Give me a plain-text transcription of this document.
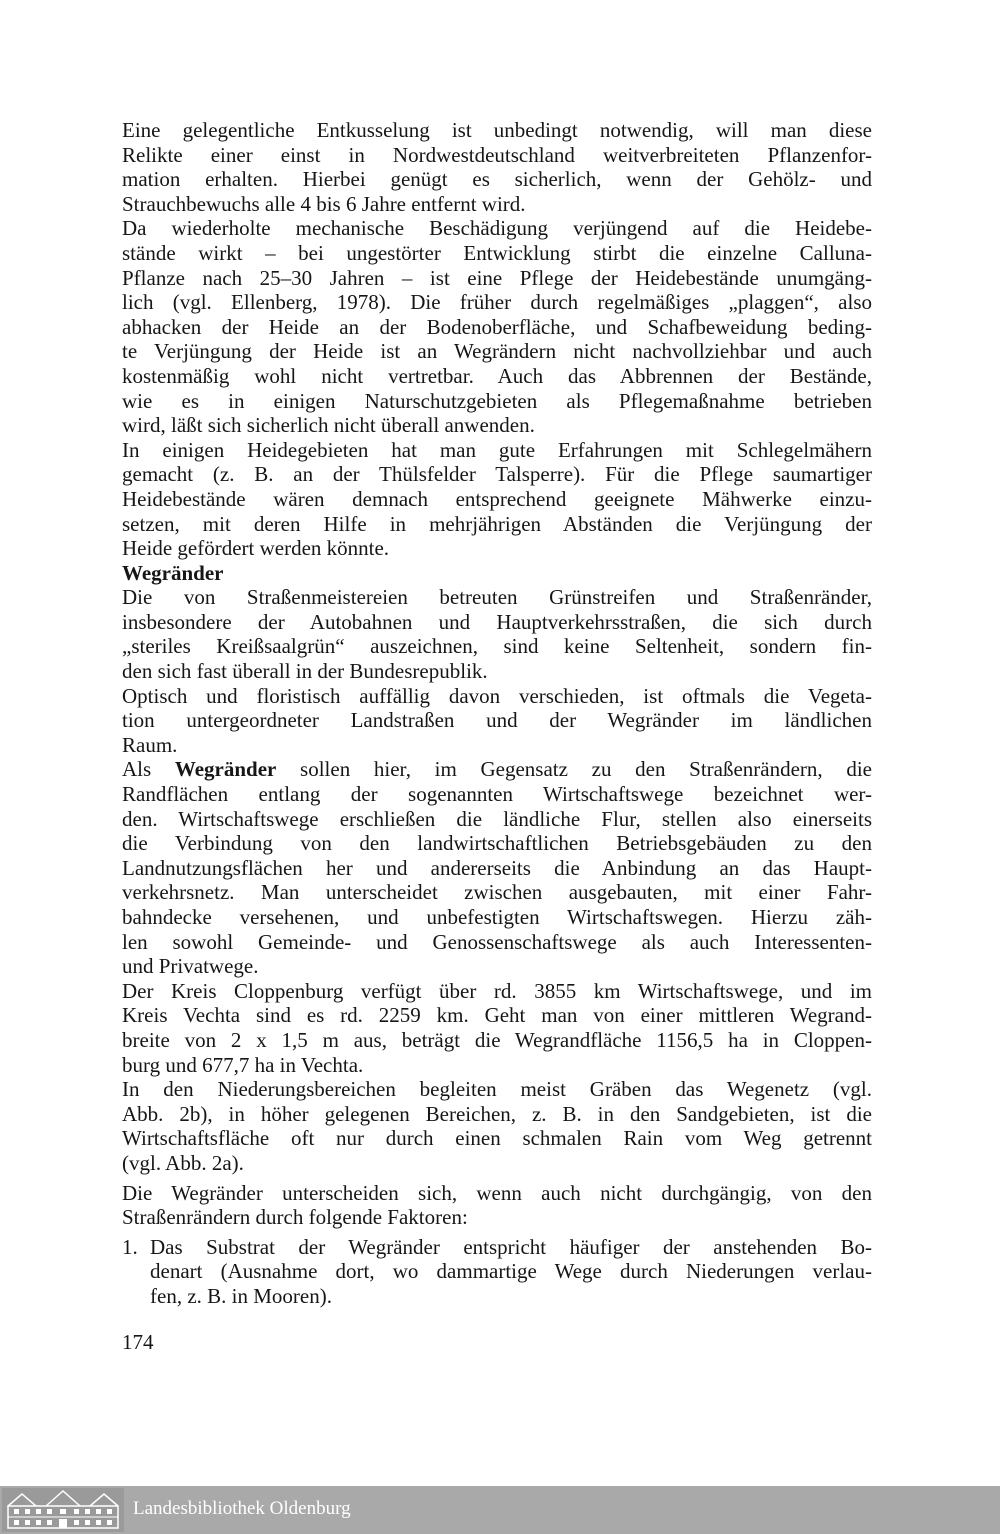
Eine gelegentliche Entkusselung ist unbedingt notwendig, will man diese
Relikte einer einst in Nordwestdeutschland weitverbreiteten Pflanzenfor-
mation erhalten. Hierbei genügt es sicherlich, wenn der Gehölz- und
Strauchbewuchs alle 4 bis 6 Jahre entfernt wird.

Da wiederholte mechanische Beschädigung verjüngend auf die Heidebe-
stände wirkt – bei ungestörter Entwicklung stirbt die einzelne Calluna-
Pflanze nach 25–30 Jahren – ist eine Pflege der Heidebestände unumgäng-
lich (vgl. Ellenberg, 1978). Die früher durch regelmäßiges „plaggen“, also
abhacken der Heide an der Bodenoberfläche, und Schafbeweidung beding-
te Verjüngung der Heide ist an Wegrändern nicht nachvollziehbar und auch
kostenmäßig wohl nicht vertretbar. Auch das Abbrennen der Bestände,
wie es in einigen Naturschutzgebieten als Pflegemaßnahme betrieben
wird, läßt sich sicherlich nicht überall anwenden.

In einigen Heidegebieten hat man gute Erfahrungen mit Schlegelmähern
gemacht (z. B. an der Thülsfelder Talsperre). Für die Pflege saumartiger
Heidebestände wären demnach entsprechend geeignete Mähwerke einzu-
setzen, mit deren Hilfe in mehrjährigen Abständen die Verjüngung der
Heide gefördert werden könnte.

Wegränder

Die von Straßenmeistereien betreuten Grünstreifen und Straßenränder,
insbesondere der Autobahnen und Hauptverkehrsstraßen, die sich durch
„steriles Kreißsaalgrün“ auszeichnen, sind keine Seltenheit, sondern fin-
den sich fast überall in der Bundesrepublik.

Optisch und floristisch auffällig davon verschieden, ist oftmals die Vegeta-
tion untergeordneter Landstraßen und der Wegränder im ländlichen
Raum.

Als Wegränder sollen hier, im Gegensatz zu den Straßenrändern, die
Randflächen entlang der sogenannten Wirtschaftswege bezeichnet wer-
den. Wirtschaftswege erschließen die ländliche Flur, stellen also einerseits
die Verbindung von den landwirtschaftlichen Betriebsgebäuden zu den
Landnutzungsflächen her und andererseits die Anbindung an das Haupt-
verkehrsnetz. Man unterscheidet zwischen ausgebauten, mit einer Fahr-
bahndecke versehenen, und unbefestigten Wirtschaftswegen. Hierzu zäh-
len sowohl Gemeinde- und Genossenschaftswege als auch Interessenten-
und Privatwege.

Der Kreis Cloppenburg verfügt über rd. 3855 km Wirtschaftswege, und im
Kreis Vechta sind es rd. 2259 km. Geht man von einer mittleren Wegrand-
breite von 2 x 1,5 m aus, beträgt die Wegrandfläche 1156,5 ha in Cloppen-
burg und 677,7 ha in Vechta.

In den Niederungsbereichen begleiten meist Gräben das Wegenetz (vgl.
Abb. 2b), in höher gelegenen Bereichen, z. B. in den Sandgebieten, ist die
Wirtschaftsfläche oft nur durch einen schmalen Rain vom Weg getrennt
(vgl. Abb. 2a).

Die Wegränder unterscheiden sich, wenn auch nicht durchgängig, von den
Straßenrändern durch folgende Faktoren:

1. Das Substrat der Wegränder entspricht häufiger der anstehenden Bo-
denart (Ausnahme dort, wo dammartige Wege durch Niederungen verlau-
fen, z. B. in Mooren).
174
Landesbibliothek Oldenburg
